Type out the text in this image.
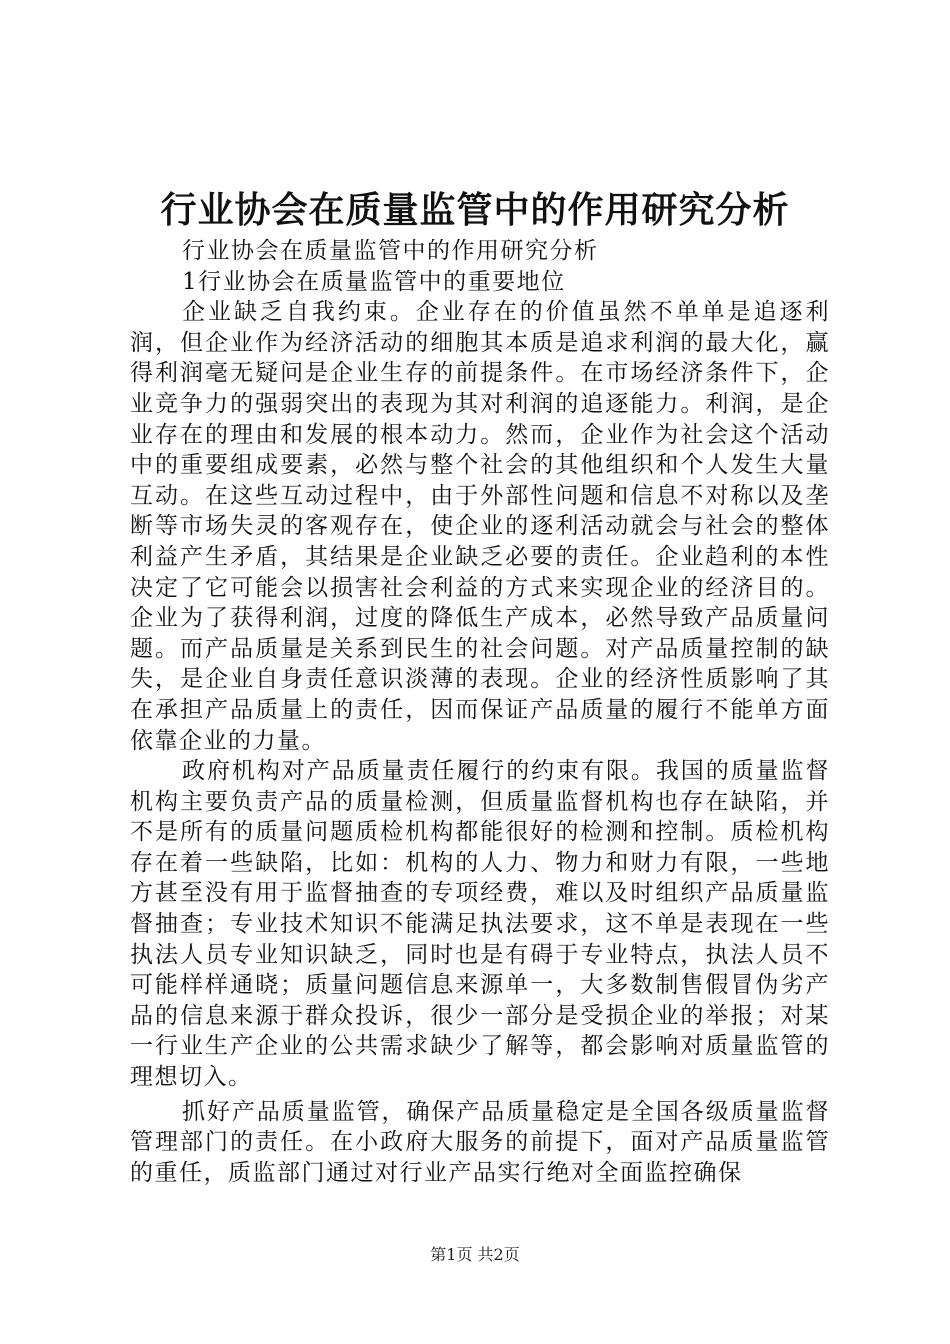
行业协会在质量监管中的作用研究分析

行业协会在质量监管中的作用研究分析

1行业协会在质量监管中的重要地位

企业缺乏自我约束。企业存在的价值虽然不单单是追逐利润，但企业作为经济活动的细胞其本质是追求利润的最大化，赢得利润毫无疑问是企业生存的前提条件。在市场经济条件下，企业竞争力的强弱突出的表现为其对利润的追逐能力。利润，是企业存在的理由和发展的根本动力。然而，企业作为社会这个活动中的重要组成要素，必然与整个社会的其他组织和个人发生大量互动。在这些互动过程中，由于外部性问题和信息不对称以及垄断等市场失灵的客观存在，使企业的逐利活动就会与社会的整体利益产生矛盾，其结果是企业缺乏必要的责任。企业趋利的本性决定了它可能会以损害社会利益的方式来实现企业的经济目的。企业为了获得利润，过度的降低生产成本，必然导致产品质量问题。而产品质量是关系到民生的社会问题。对产品质量控制的缺失，是企业自身责任意识淡薄的表现。企业的经济性质影响了其在承担产品质量上的责任，因而保证产品质量的履行不能单方面依靠企业的力量。

政府机构对产品质量责任履行的约束有限。我国的质量监督机构主要负责产品的质量检测，但质量监督机构也存在缺陷，并不是所有的质量问题质检机构都能很好的检测和控制。质检机构存在着一些缺陷，比如：机构的人力、物力和财力有限，一些地方甚至没有用于监督抽查的专项经费，难以及时组织产品质量监督抽查；专业技术知识不能满足执法要求，这不单是表现在一些执法人员专业知识缺乏，同时也是有碍于专业特点，执法人员不可能样样通晓；质量问题信息来源单一，大多数制售假冒伪劣产品的信息来源于群众投诉，很少一部分是受损企业的举报；对某一行业生产企业的公共需求缺少了解等，都会影响对质量监管的理想切入。

抓好产品质量监管，确保产品质量稳定是全国各级质量监督管理部门的责任。在小政府大服务的前提下，面对产品质量监管的重任，质监部门通过对行业产品实行绝对全面监控确保

第1页 共2页
